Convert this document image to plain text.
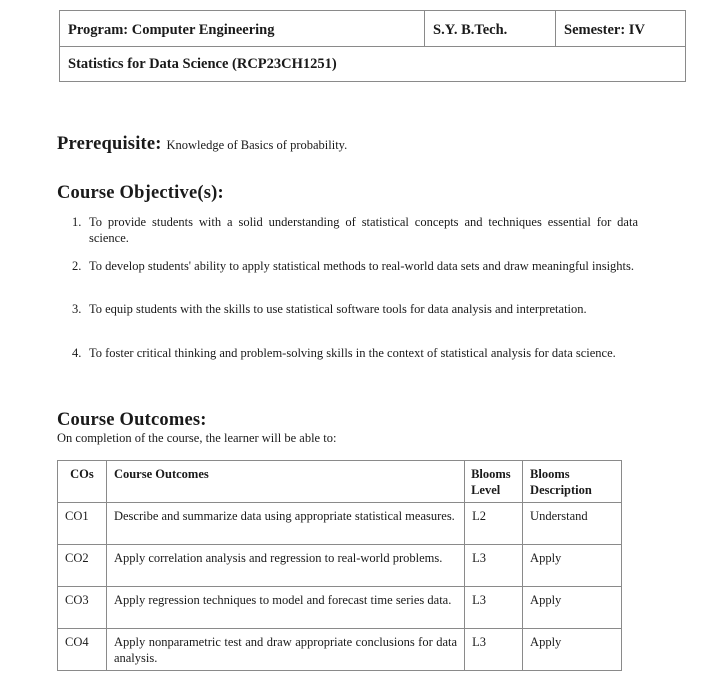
Program: Computer Engineering	S.Y. B.Tech.	Semester: IV
Statistics for Data Science (RCP23CH1251)
Prerequisite: Knowledge of Basics of probability.
Course Objective(s):
1. To provide students with a solid understanding of statistical concepts and techniques essential for data science.
2. To develop students' ability to apply statistical methods to real-world data sets and draw meaningful insights.
3. To equip students with the skills to use statistical software tools for data analysis and interpretation.
4. To foster critical thinking and problem-solving skills in the context of statistical analysis for data science.
Course Outcomes:
On completion of the course, the learner will be able to:
COs	Course Outcomes	Blooms Level	Blooms Description
CO1	Describe and summarize data using appropriate statistical measures.	L2	Understand
CO2	Apply correlation analysis and regression to real-world problems.	L3	Apply
CO3	Apply regression techniques to model and forecast time series data.	L3	Apply
CO4	Apply nonparametric test and draw appropriate conclusions for data analysis.	L3	Apply
